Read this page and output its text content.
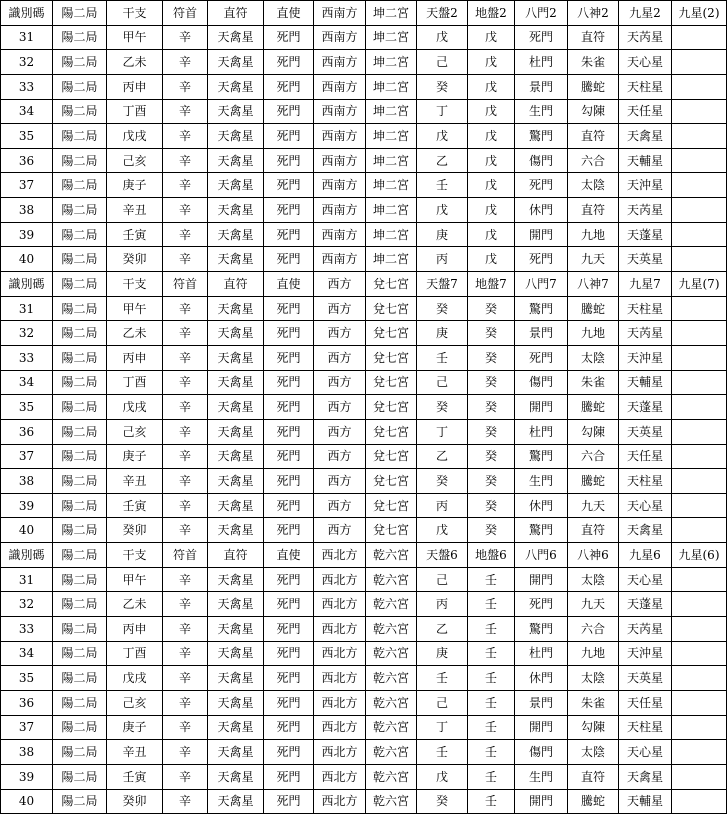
識別碼	陽二局	干支	符首	直符	直使	西南方	坤二宮	天盤2	地盤2	八門2	八神2	九星2	九星(2)
31	陽二局	甲午	辛	天禽星	死門	西南方	坤二宮	戊	戊	死門	直符	天芮星	
32	陽二局	乙未	辛	天禽星	死門	西南方	坤二宮	己	戊	杜門	朱雀	天心星	
33	陽二局	丙申	辛	天禽星	死門	西南方	坤二宮	癸	戊	景門	騰蛇	天柱星	
34	陽二局	丁酉	辛	天禽星	死門	西南方	坤二宮	丁	戊	生門	勾陳	天任星	
35	陽二局	戊戌	辛	天禽星	死門	西南方	坤二宮	戊	戊	驚門	直符	天禽星	
36	陽二局	己亥	辛	天禽星	死門	西南方	坤二宮	乙	戊	傷門	六合	天輔星	
37	陽二局	庚子	辛	天禽星	死門	西南方	坤二宮	壬	戊	死門	太陰	天沖星	
38	陽二局	辛丑	辛	天禽星	死門	西南方	坤二宮	戊	戊	休門	直符	天芮星	
39	陽二局	壬寅	辛	天禽星	死門	西南方	坤二宮	庚	戊	開門	九地	天蓬星	
40	陽二局	癸卯	辛	天禽星	死門	西南方	坤二宮	丙	戊	死門	九天	天英星	
識別碼	陽二局	干支	符首	直符	直使	西方	兌七宮	天盤7	地盤7	八門7	八神7	九星7	九星(7)
31	陽二局	甲午	辛	天禽星	死門	西方	兌七宮	癸	癸	驚門	騰蛇	天柱星	
32	陽二局	乙未	辛	天禽星	死門	西方	兌七宮	庚	癸	景門	九地	天芮星	
33	陽二局	丙申	辛	天禽星	死門	西方	兌七宮	壬	癸	死門	太陰	天沖星	
34	陽二局	丁酉	辛	天禽星	死門	西方	兌七宮	己	癸	傷門	朱雀	天輔星	
35	陽二局	戊戌	辛	天禽星	死門	西方	兌七宮	癸	癸	開門	騰蛇	天蓬星	
36	陽二局	己亥	辛	天禽星	死門	西方	兌七宮	丁	癸	杜門	勾陳	天英星	
37	陽二局	庚子	辛	天禽星	死門	西方	兌七宮	乙	癸	驚門	六合	天任星	
38	陽二局	辛丑	辛	天禽星	死門	西方	兌七宮	癸	癸	生門	騰蛇	天柱星	
39	陽二局	壬寅	辛	天禽星	死門	西方	兌七宮	丙	癸	休門	九天	天心星	
40	陽二局	癸卯	辛	天禽星	死門	西方	兌七宮	戊	癸	驚門	直符	天禽星	
識別碼	陽二局	干支	符首	直符	直使	西北方	乾六宮	天盤6	地盤6	八門6	八神6	九星6	九星(6)
31	陽二局	甲午	辛	天禽星	死門	西北方	乾六宮	己	壬	開門	太陰	天心星	
32	陽二局	乙未	辛	天禽星	死門	西北方	乾六宮	丙	壬	死門	九天	天蓬星	
33	陽二局	丙申	辛	天禽星	死門	西北方	乾六宮	乙	壬	驚門	六合	天芮星	
34	陽二局	丁酉	辛	天禽星	死門	西北方	乾六宮	庚	壬	杜門	九地	天沖星	
35	陽二局	戊戌	辛	天禽星	死門	西北方	乾六宮	壬	壬	休門	太陰	天英星	
36	陽二局	己亥	辛	天禽星	死門	西北方	乾六宮	己	壬	景門	朱雀	天任星	
37	陽二局	庚子	辛	天禽星	死門	西北方	乾六宮	丁	壬	開門	勾陳	天柱星	
38	陽二局	辛丑	辛	天禽星	死門	西北方	乾六宮	壬	壬	傷門	太陰	天心星	
39	陽二局	壬寅	辛	天禽星	死門	西北方	乾六宮	戊	壬	生門	直符	天禽星	
40	陽二局	癸卯	辛	天禽星	死門	西北方	乾六宮	癸	壬	開門	騰蛇	天輔星	
